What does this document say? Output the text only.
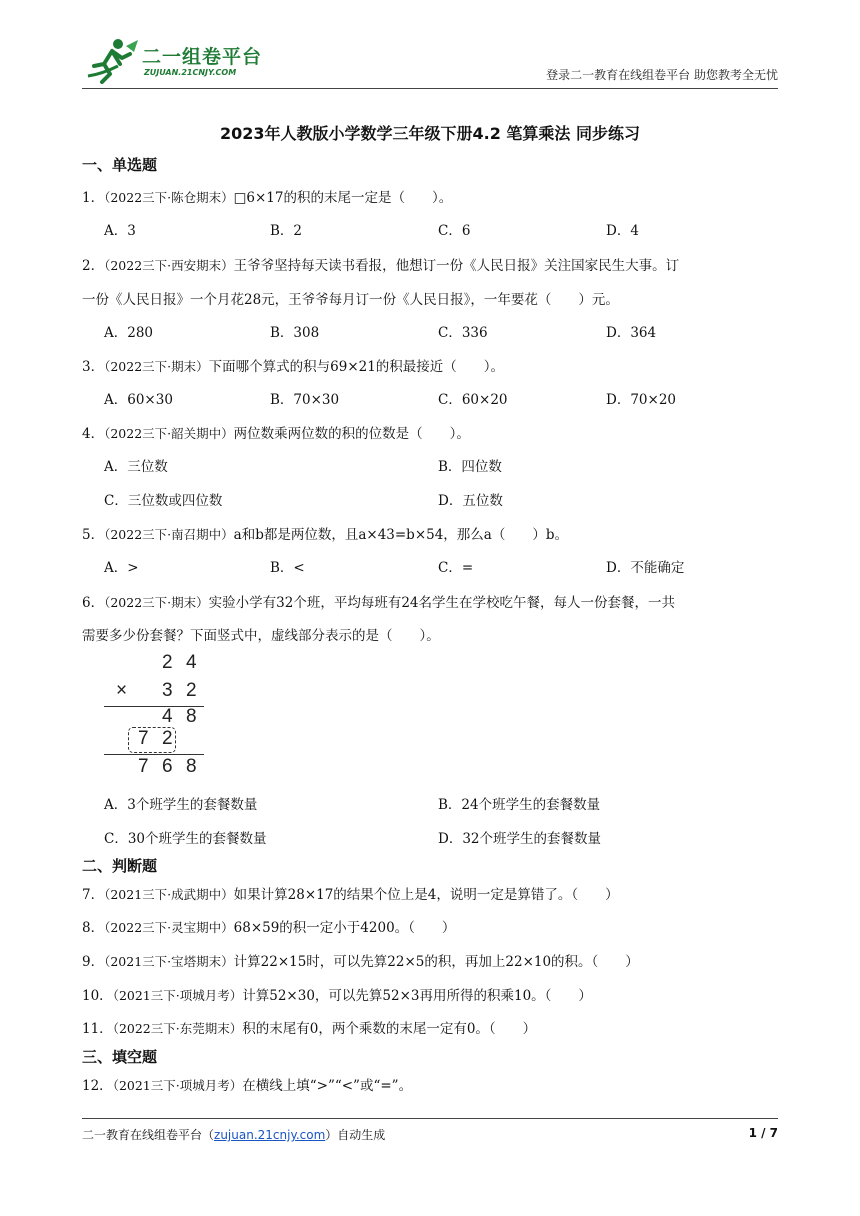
二一组卷平台
ZUJUAN.21CNJY.COM	登录二一教育在线组卷平台 助您教考全无忧
2023年人教版小学数学三年级下册4.2 笔算乘法 同步练习
一、单选题
1．（2022三下·陈仓期末）□6×17的积的末尾一定是（　　）。
A．3	B．2	C．6	D．4
2．（2022三下·西安期末）王爷爷坚持每天读书看报，他想订一份《人民日报》关注国家民生大事。订
一份《人民日报》一个月花28元，王爷爷每月订一份《人民日报》，一年要花（　　）元。
A．280	B．308	C．336	D．364
3．（2022三下·期末）下面哪个算式的积与69×21的积最接近（　　）。
A．60×30	B．70×30	C．60×20	D．70×20
4．（2022三下·韶关期中）两位数乘两位数的积的位数是（　　）。
A．三位数	B．四位数
C．三位数或四位数	D．五位数
5．（2022三下·南召期中）a和b都是两位数，且a×43=b×54，那么a（　　）b。
A．>	B．<	C．=	D．不能确定
6．（2022三下·期末）实验小学有32个班，平均每班有24名学生在学校吃午餐，每人一份套餐，一共
需要多少份套餐？下面竖式中，虚线部分表示的是（　　）。
2 4
× 3 2
4 8
7 2
7 6 8
A．3个班学生的套餐数量	B．24个班学生的套餐数量
C．30个班学生的套餐数量	D．32个班学生的套餐数量
二、判断题
7．（2021三下·成武期中）如果计算28×17的结果个位上是4，说明一定是算错了。（　　）
8．（2022三下·灵宝期中）68×59的积一定小于4200。（　　）
9．（2021三下·宝塔期末）计算22×15时，可以先算22×5的积，再加上22×10的积。（　　）
10．（2021三下·项城月考）计算52×30，可以先算52×3再用所得的积乘10。（　　）
11．（2022三下·东莞期末）积的末尾有0，两个乘数的末尾一定有0。（　　）
三、填空题
12．（2021三下·项城月考）在横线上填“>”“<”或“=”。
二一教育在线组卷平台（zujuan.21cnjy.com）自动生成	1 / 7
